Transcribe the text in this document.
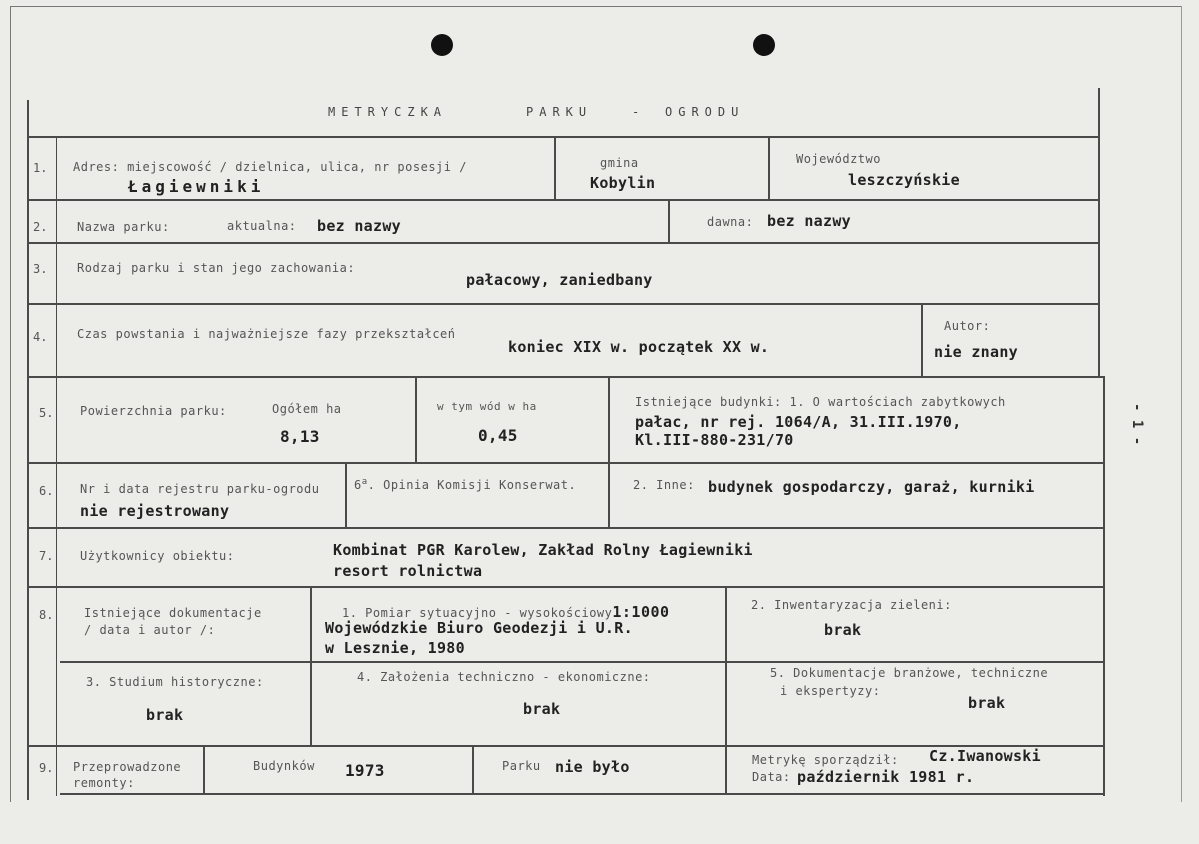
METRYCZKA	PARKU	- OGRODU
- 1 -
1. Adres: miejscowość / dzielnica, ulica, nr posesji /
Łagiewniki
gmina
Kobylin
Województwo
leszczyńskie
2. Nazwa parku:	aktualna: bez nazwy	dawna: bez nazwy
3. Rodzaj parku i stan jego zachowania:
pałacowy, zaniedbany
4. Czas powstania i najważniejsze fazy przekształceń
koniec XIX w. początek XX w.
Autor:
nie znany
5. Powierzchnia parku:	Ogółem ha
8,13
w tym wód w ha
0,45
Istniejące budynki: 1. O wartościach zabytkowych
pałac, nr rej. 1064/A, 31.III.1970,
Kl.III-880-231/70
6. Nr i data rejestru parku-ogrodu
nie rejestrowany
6$^a$. Opinia Komisji Konserwat.	2. Inne: budynek gospodarczy, garaż, kurniki
7. Użytkownicy obiektu:	Kombinat PGR Karolew, Zakład Rolny Łagiewniki
resort rolnictwa
8.	Istniejące dokumentacje
/ data i autor /:
1. Pomiar sytuacyjno - wysokościowy1:1000
Wojewódzkie Biuro Geodezji i U.R.
w Lesznie, 1980
2. Inwentaryzacja zieleni:
brak
3. Studium historyczne:
brak
4. Założenia techniczno - ekonomiczne:
brak
5. Dokumentacje branżowe, techniczne
i ekspertyzy:
brak
9. Przeprowadzone
remonty:
Budynków 1973	Parku nie było	Metrykę sporządził: Cz.Iwanowski
Data: październik 1981 r.
